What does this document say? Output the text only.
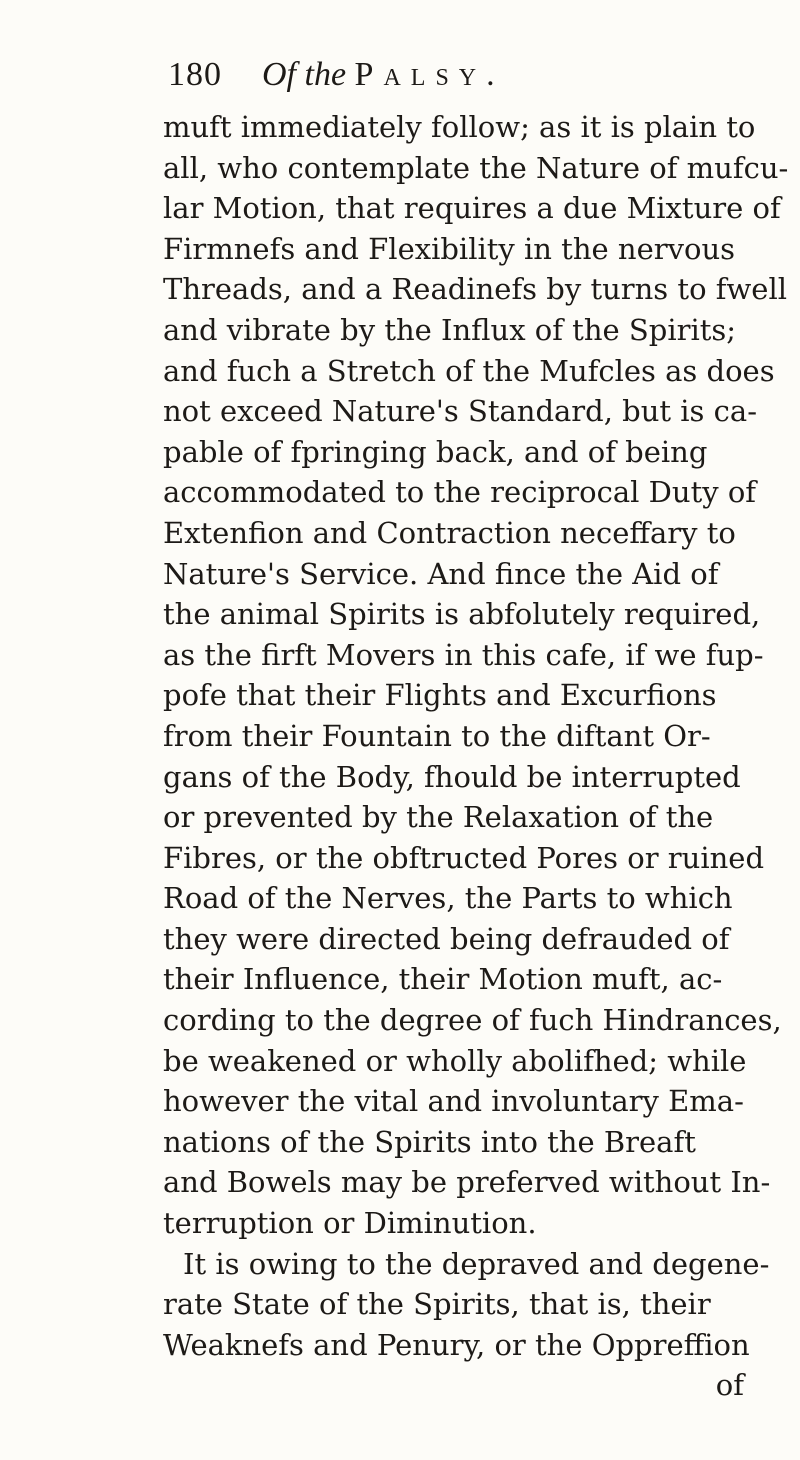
180 Of the Palsy.
muft immediately follow; as it is plain to
all, who contemplate the Nature of mufcu-
lar Motion, that requires a due Mixture of
Firmnefs and Flexibility in the nervous
Threads, and a Readinefs by turns to fwell
and vibrate by the Influx of the Spirits;
and fuch a Stretch of the Mufcles as does
not exceed Nature's Standard, but is ca-
pable of fpringing back, and of being
accommodated to the reciprocal Duty of
Extenfion and Contraction neceffary to
Nature's Service. And fince the Aid of
the animal Spirits is abfolutely required,
as the firft Movers in this cafe, if we fup-
pofe that their Flights and Excurfions
from their Fountain to the diftant Or-
gans of the Body, fhould be interrupted
or prevented by the Relaxation of the
Fibres, or the obftructed Pores or ruined
Road of the Nerves, the Parts to which
they were directed being defrauded of
their Influence, their Motion muft, ac-
cording to the degree of fuch Hindrances,
be weakened or wholly abolifhed; while
however the vital and involuntary Ema-
nations of the Spirits into the Breaft
and Bowels may be preferved without In-
terruption or Diminution.
It is owing to the depraved and degene-
rate State of the Spirits, that is, their
Weaknefs and Penury, or the Oppreffion
of
